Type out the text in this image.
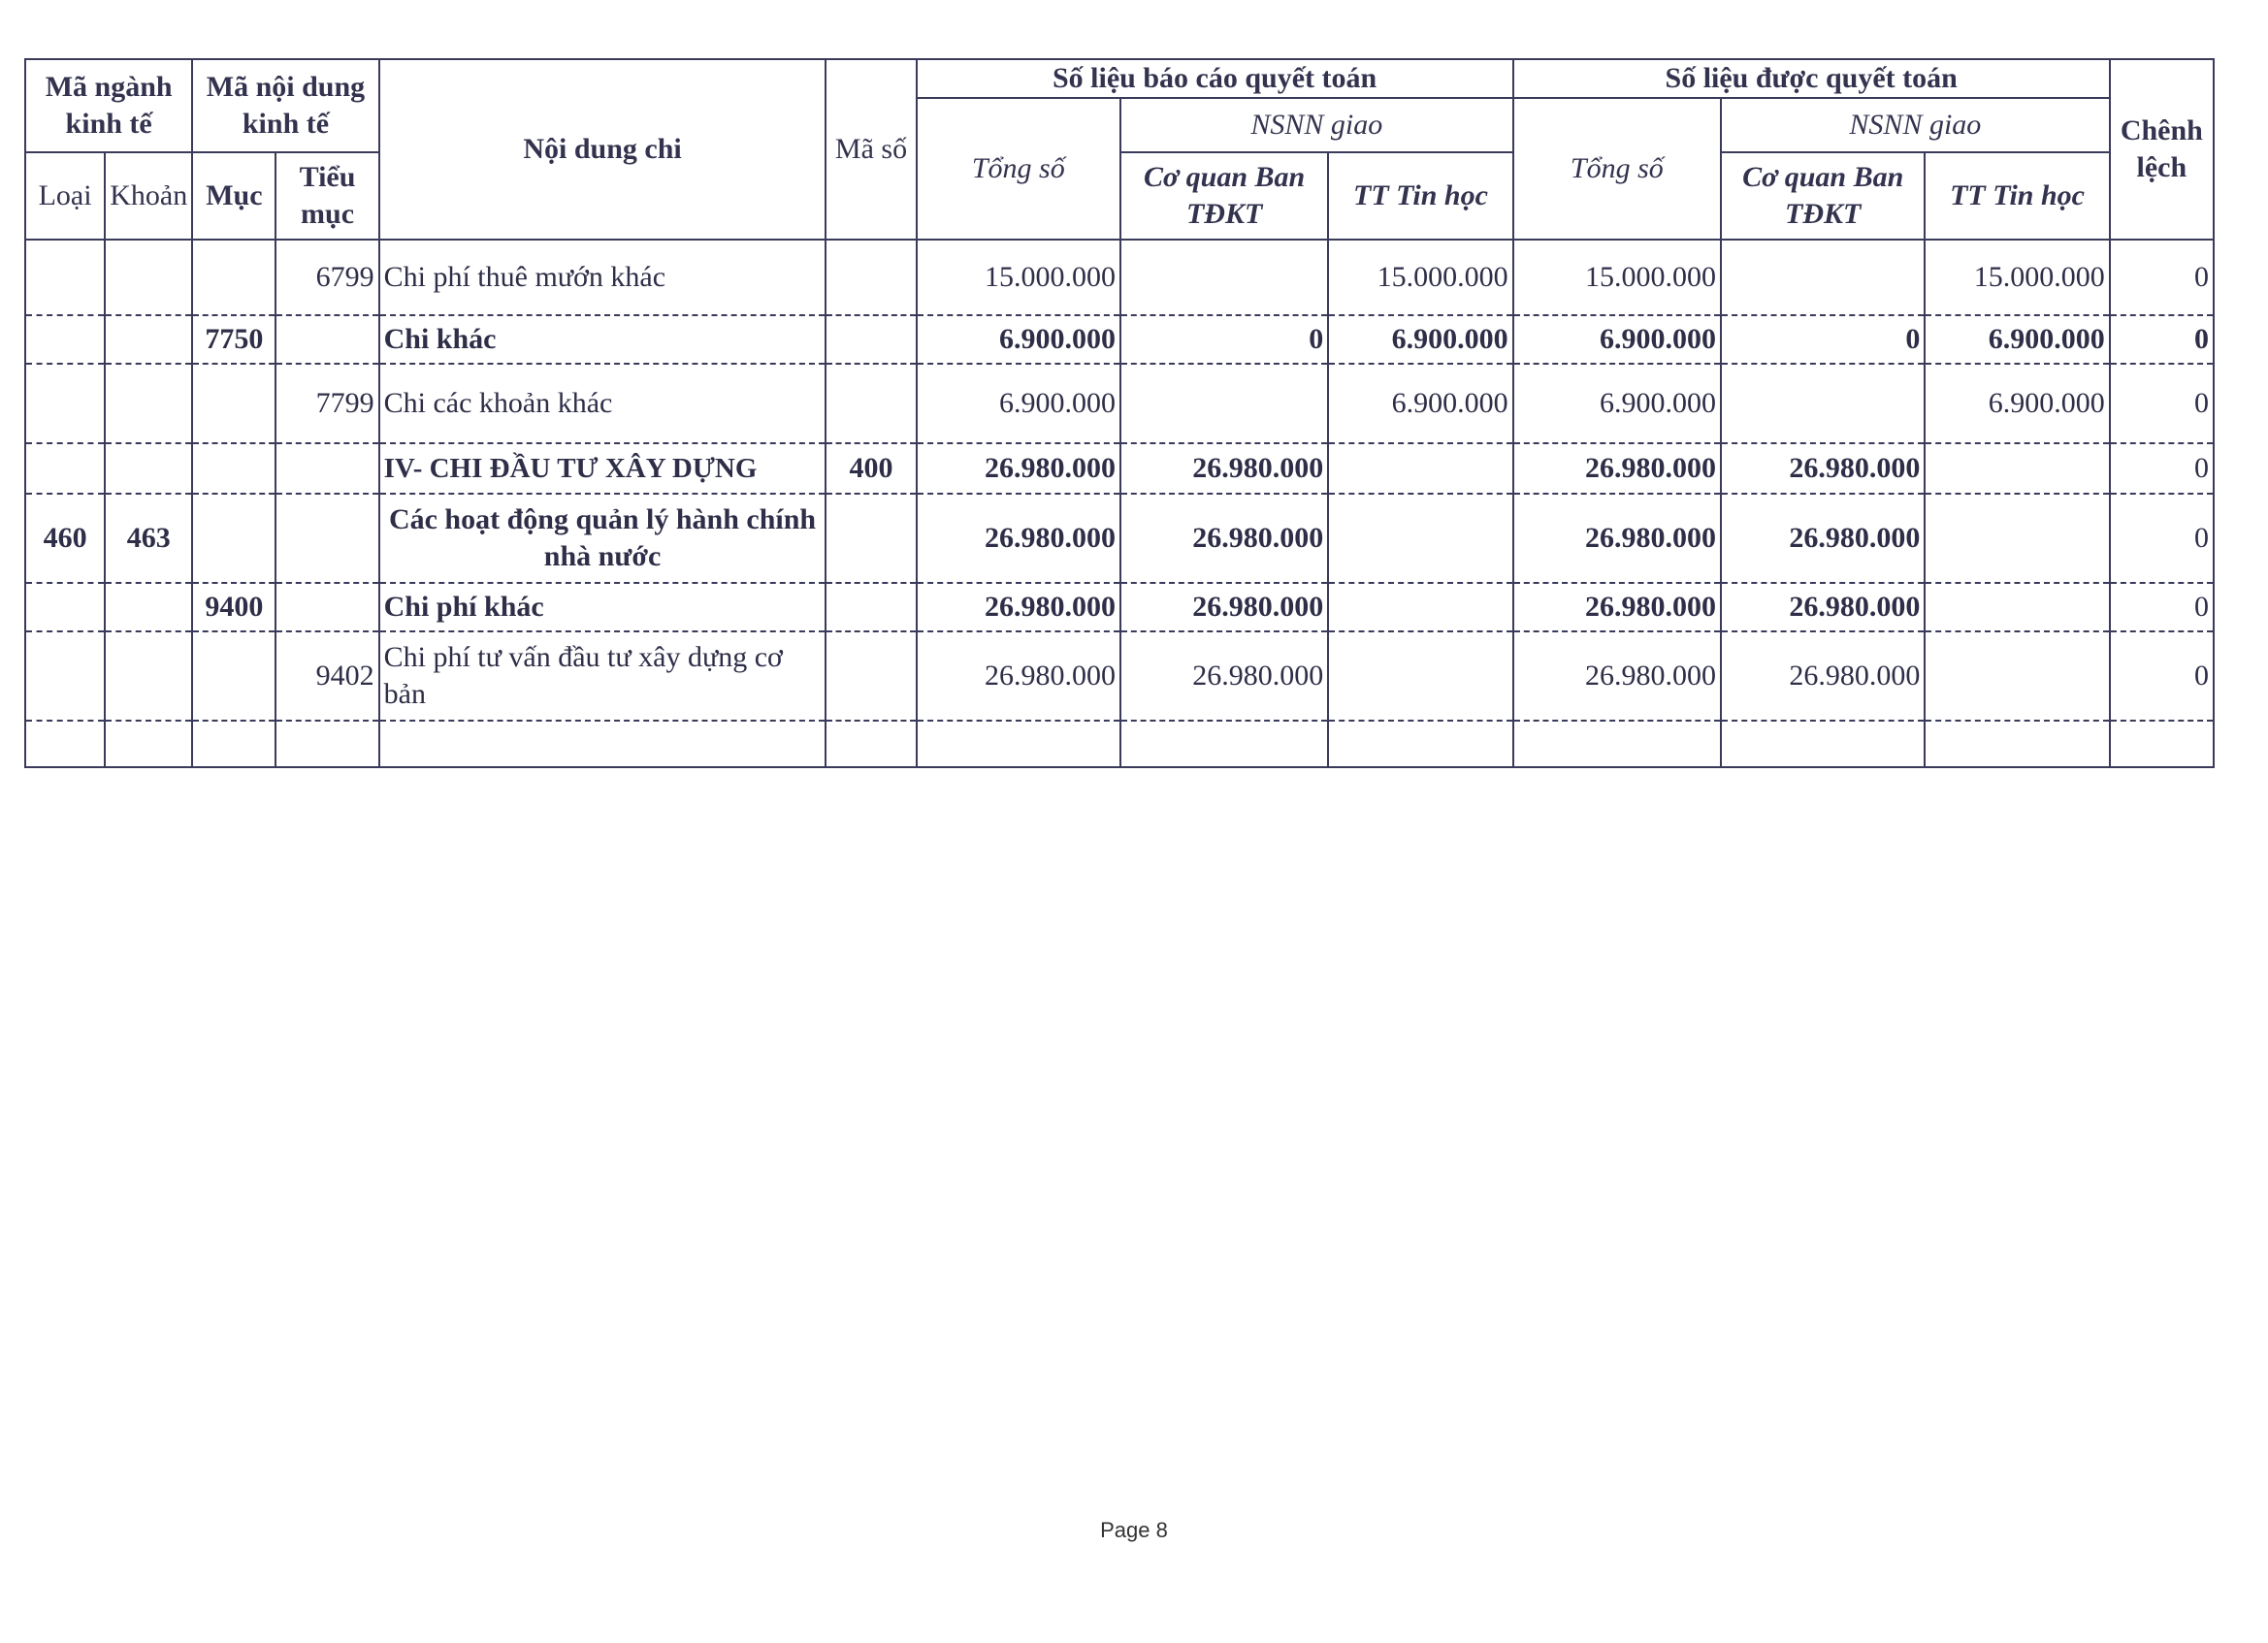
Mã ngành kinh tế		Mã nội dung kinh tế		Nội dung chi	Mã số	Số liệu báo cáo quyết toán			Số liệu được quyết toán			Chênh lệch
						Tổng số	NSNN giao		Tổng số	NSNN giao		
Loại	Khoản	Mục	Tiểu mục				Cơ quan Ban TĐKT	TT Tin học		Cơ quan Ban TĐKT	TT Tin học	

			6799	Chi phí thuê mướn khác		15.000.000		15.000.000	15.000.000		15.000.000	0
		7750		Chi khác		6.900.000	0	6.900.000	6.900.000	0	6.900.000	0
			7799	Chi các khoản khác		6.900.000		6.900.000	6.900.000		6.900.000	0
				IV- CHI ĐẦU TƯ XÂY DỰNG	400	26.980.000	26.980.000		26.980.000	26.980.000		0
460	463			Các hoạt động quản lý hành chính nhà nước		26.980.000	26.980.000		26.980.000	26.980.000		0
		9400		Chi phí khác		26.980.000	26.980.000		26.980.000	26.980.000		0
			9402	Chi phí tư vấn đầu tư xây dựng cơ bản		26.980.000	26.980.000		26.980.000	26.980.000		0

Page 8
